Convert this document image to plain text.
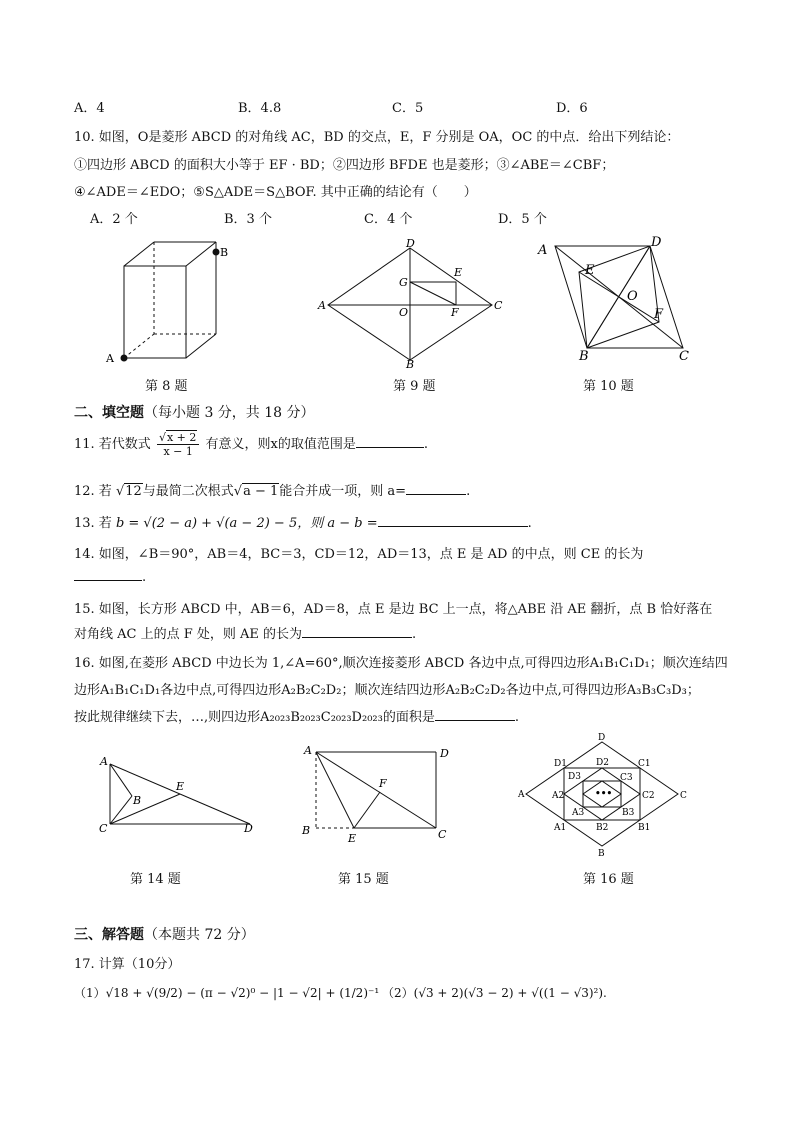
A．4	B．4.8	C．5	D．6
10. 如图，O是菱形 ABCD 的对角线 AC，BD 的交点，E，F 分别是 OA，OC 的中点．给出下列结论：
①四边形 ABCD 的面积大小等于 EF · BD；②四边形 BFDE 也是菱形；③∠ABE＝∠CBF；
④∠ADE＝∠EDO；⑤S△ADE＝S△BOF. 其中正确的结论有（　　）
A．2 个	B．3 个	C．4 个	D．5 个
A
B
第 8 题
D
A
G
E
O	F
C
B
第 9 题
A
D
E
O
F
B	C
第 10 题
二、填空题（每小题 3 分，共 18 分）
11. 若代数式 $\frac{√x + 2}{x - 1}$ 有意义，则x的取值范围是	.
12. 若 √12与最简二次根式√a − 1能合并成一项，则 a=	.
13. 若 b = √(2 − a) + √(a − 2) − 5，则 a − b =	.
14. 如图，∠B＝90°，AB＝4，BC＝3，CD＝12，AD＝13，点 E 是 AD 的中点，则 CE 的长为
.
15. 如图，长方形 ABCD 中，AB＝6，AD＝8，点 E 是边 BC 上一点，将△ABE 沿 AE 翻折，点 B 恰好落在
对角线 AC 上的点 F 处，则 AE 的长为	.
16. 如图,在菱形 ABCD 中边长为 1,∠A=60°,顺次连接菱形 ABCD 各边中点,可得四边形A₁B₁C₁D₁；顺次连结四
边形A₁B₁C₁D₁各边中点,可得四边形A₂B₂C₂D₂；顺次连结四边形A₂B₂C₂D₂各边中点,可得四边形A₃B₃C₃D₃；
按此规律继续下去，…,则四边形A₂₀₂₃B₂₀₂₃C₂₀₂₃D₂₀₂₃的面积是	.
A
B
E
C	D
第 14 题
A	D
F
B
E	C
第 15 题
•••
D
D1	D2	C1
D3	C3
A	A2	C2	C
A3	B3
A1	B2	B1
B
第 16 题
三、解答题（本题共 72 分）
17. 计算（10分）
（1）√18 + √(9/2) − (π − √2)⁰ − |1 − √2| + (1/2)⁻¹ （2）(√3 + 2)(√3 − 2) + √((1 − √3)²).
